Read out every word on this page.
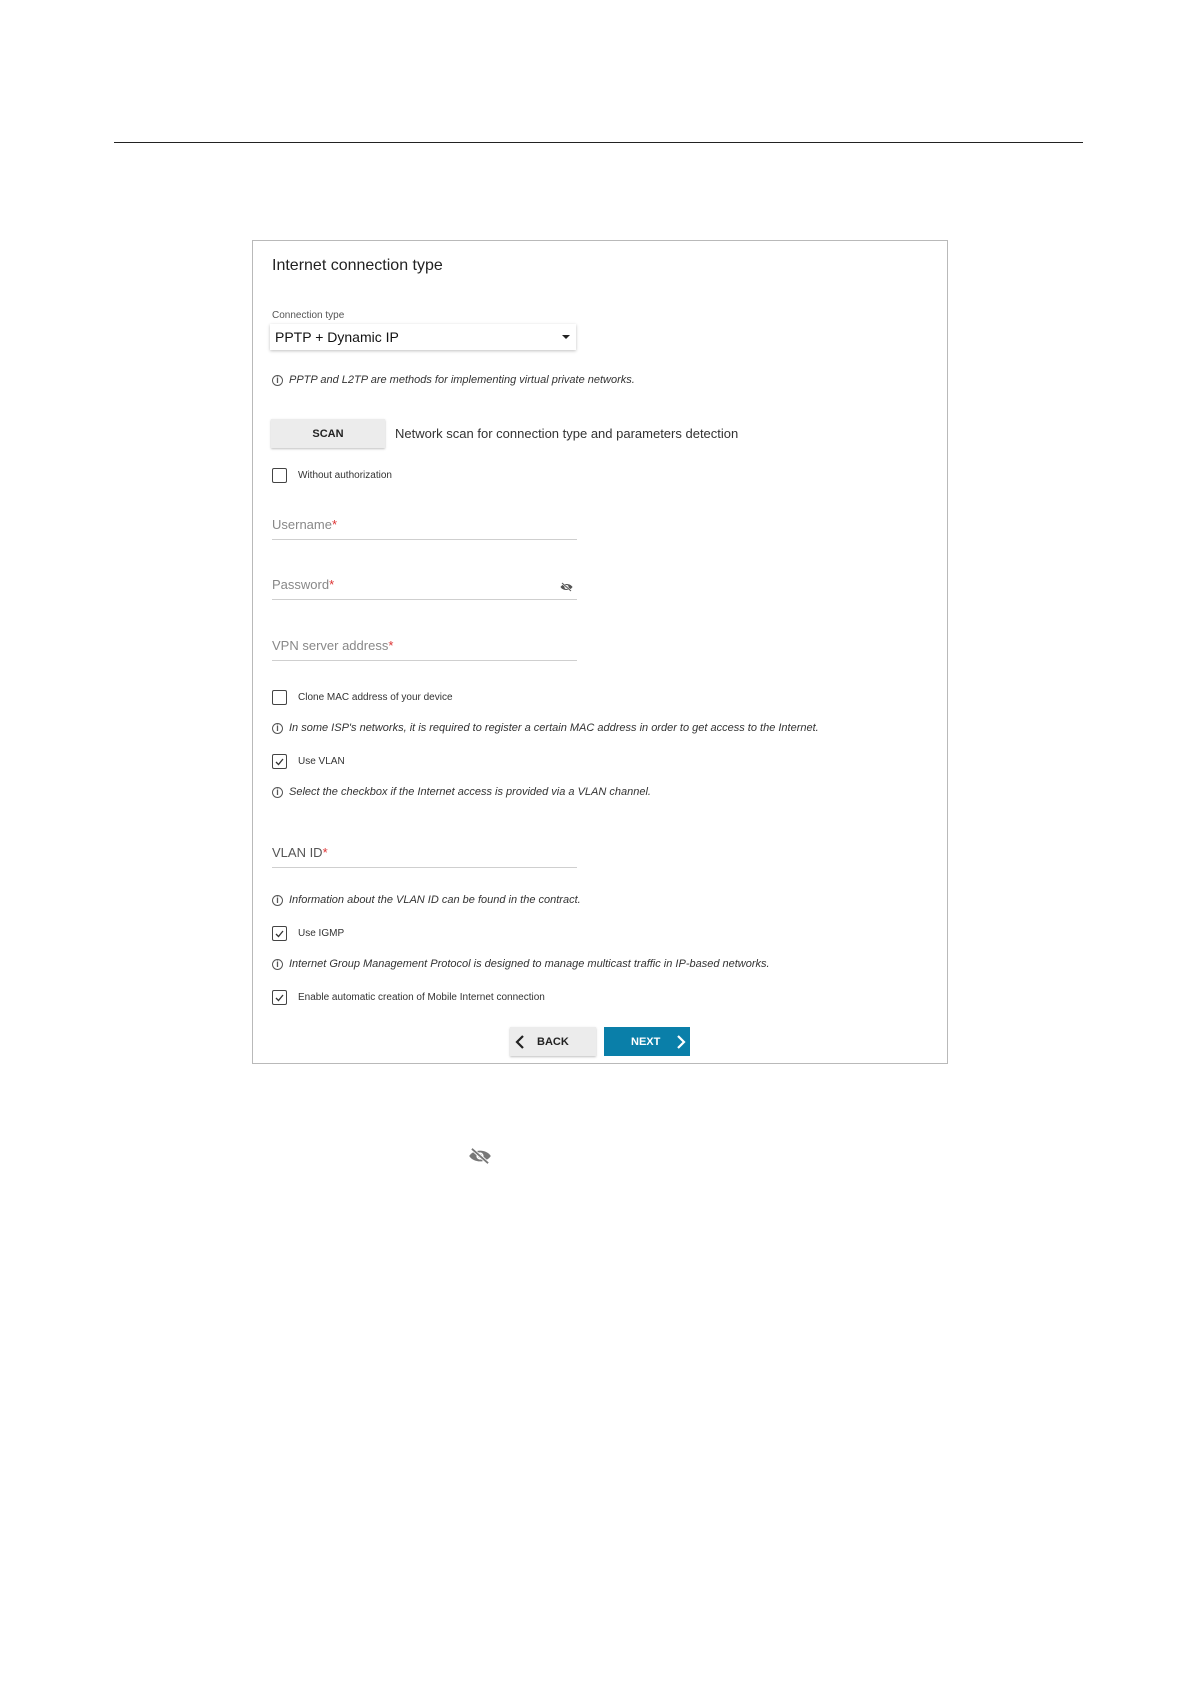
Internet connection type
Connection type
PPTP + Dynamic IP
i PPTP and L2TP are methods for implementing virtual private networks.
SCAN	Network scan for connection type and parameters detection
Without authorization
Username*
Password*
VPN server address*
Clone MAC address of your device
i In some ISP's networks, it is required to register a certain MAC address in order to get access to the Internet.
Use VLAN
i Select the checkbox if the Internet access is provided via a VLAN channel.
VLAN ID*
i Information about the VLAN ID can be found in the contract.
Use IGMP
i Internet Group Management Protocol is designed to manage multicast traffic in IP-based networks.
Enable automatic creation of Mobile Internet connection
BACK	NEXT
